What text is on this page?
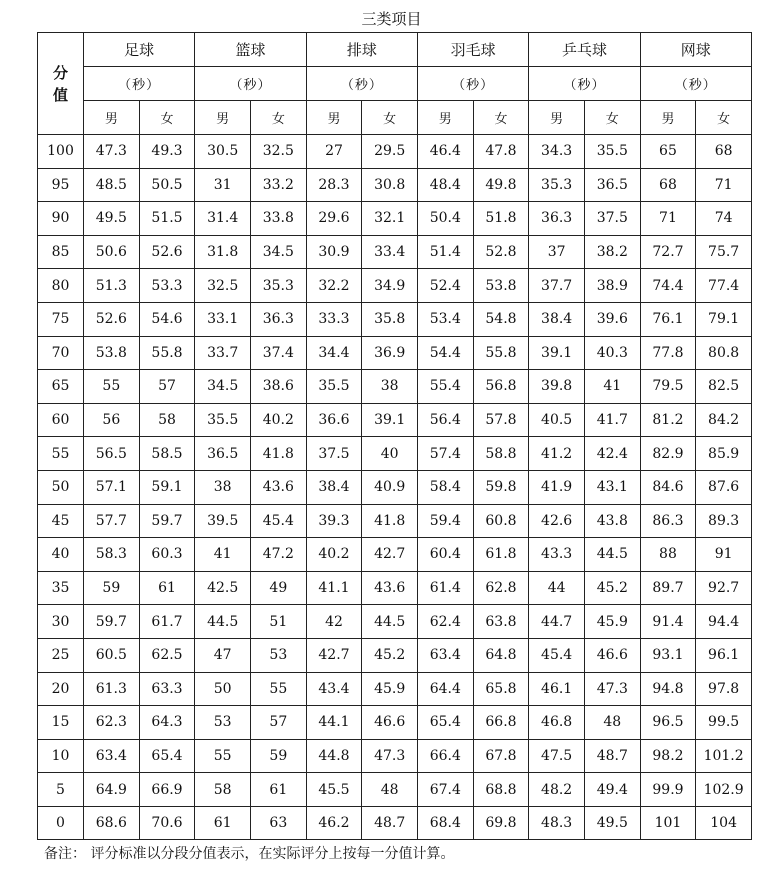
三类项目
分
值	足球		篮球		排球		羽毛球		乒乓球		网球	
	（秒）		（秒）		（秒）		（秒）		（秒）		（秒）	
	男	女	男	女	男	女	男	女	男	女	男	女
100	47.3	49.3	30.5	32.5	27	29.5	46.4	47.8	34.3	35.5	65	68
95	48.5	50.5	31	33.2	28.3	30.8	48.4	49.8	35.3	36.5	68	71
90	49.5	51.5	31.4	33.8	29.6	32.1	50.4	51.8	36.3	37.5	71	74
85	50.6	52.6	31.8	34.5	30.9	33.4	51.4	52.8	37	38.2	72.7	75.7
80	51.3	53.3	32.5	35.3	32.2	34.9	52.4	53.8	37.7	38.9	74.4	77.4
75	52.6	54.6	33.1	36.3	33.3	35.8	53.4	54.8	38.4	39.6	76.1	79.1
70	53.8	55.8	33.7	37.4	34.4	36.9	54.4	55.8	39.1	40.3	77.8	80.8
65	55	57	34.5	38.6	35.5	38	55.4	56.8	39.8	41	79.5	82.5
60	56	58	35.5	40.2	36.6	39.1	56.4	57.8	40.5	41.7	81.2	84.2
55	56.5	58.5	36.5	41.8	37.5	40	57.4	58.8	41.2	42.4	82.9	85.9
50	57.1	59.1	38	43.6	38.4	40.9	58.4	59.8	41.9	43.1	84.6	87.6
45	57.7	59.7	39.5	45.4	39.3	41.8	59.4	60.8	42.6	43.8	86.3	89.3
40	58.3	60.3	41	47.2	40.2	42.7	60.4	61.8	43.3	44.5	88	91
35	59	61	42.5	49	41.1	43.6	61.4	62.8	44	45.2	89.7	92.7
30	59.7	61.7	44.5	51	42	44.5	62.4	63.8	44.7	45.9	91.4	94.4
25	60.5	62.5	47	53	42.7	45.2	63.4	64.8	45.4	46.6	93.1	96.1
20	61.3	63.3	50	55	43.4	45.9	64.4	65.8	46.1	47.3	94.8	97.8
15	62.3	64.3	53	57	44.1	46.6	65.4	66.8	46.8	48	96.5	99.5
10	63.4	65.4	55	59	44.8	47.3	66.4	67.8	47.5	48.7	98.2	101.2
5	64.9	66.9	58	61	45.5	48	67.4	68.8	48.2	49.4	99.9	102.9
0	68.6	70.6	61	63	46.2	48.7	68.4	69.8	48.3	49.5	101	104
备注： 评分标准以分段分值表示，在实际评分上按每一分值计算。
